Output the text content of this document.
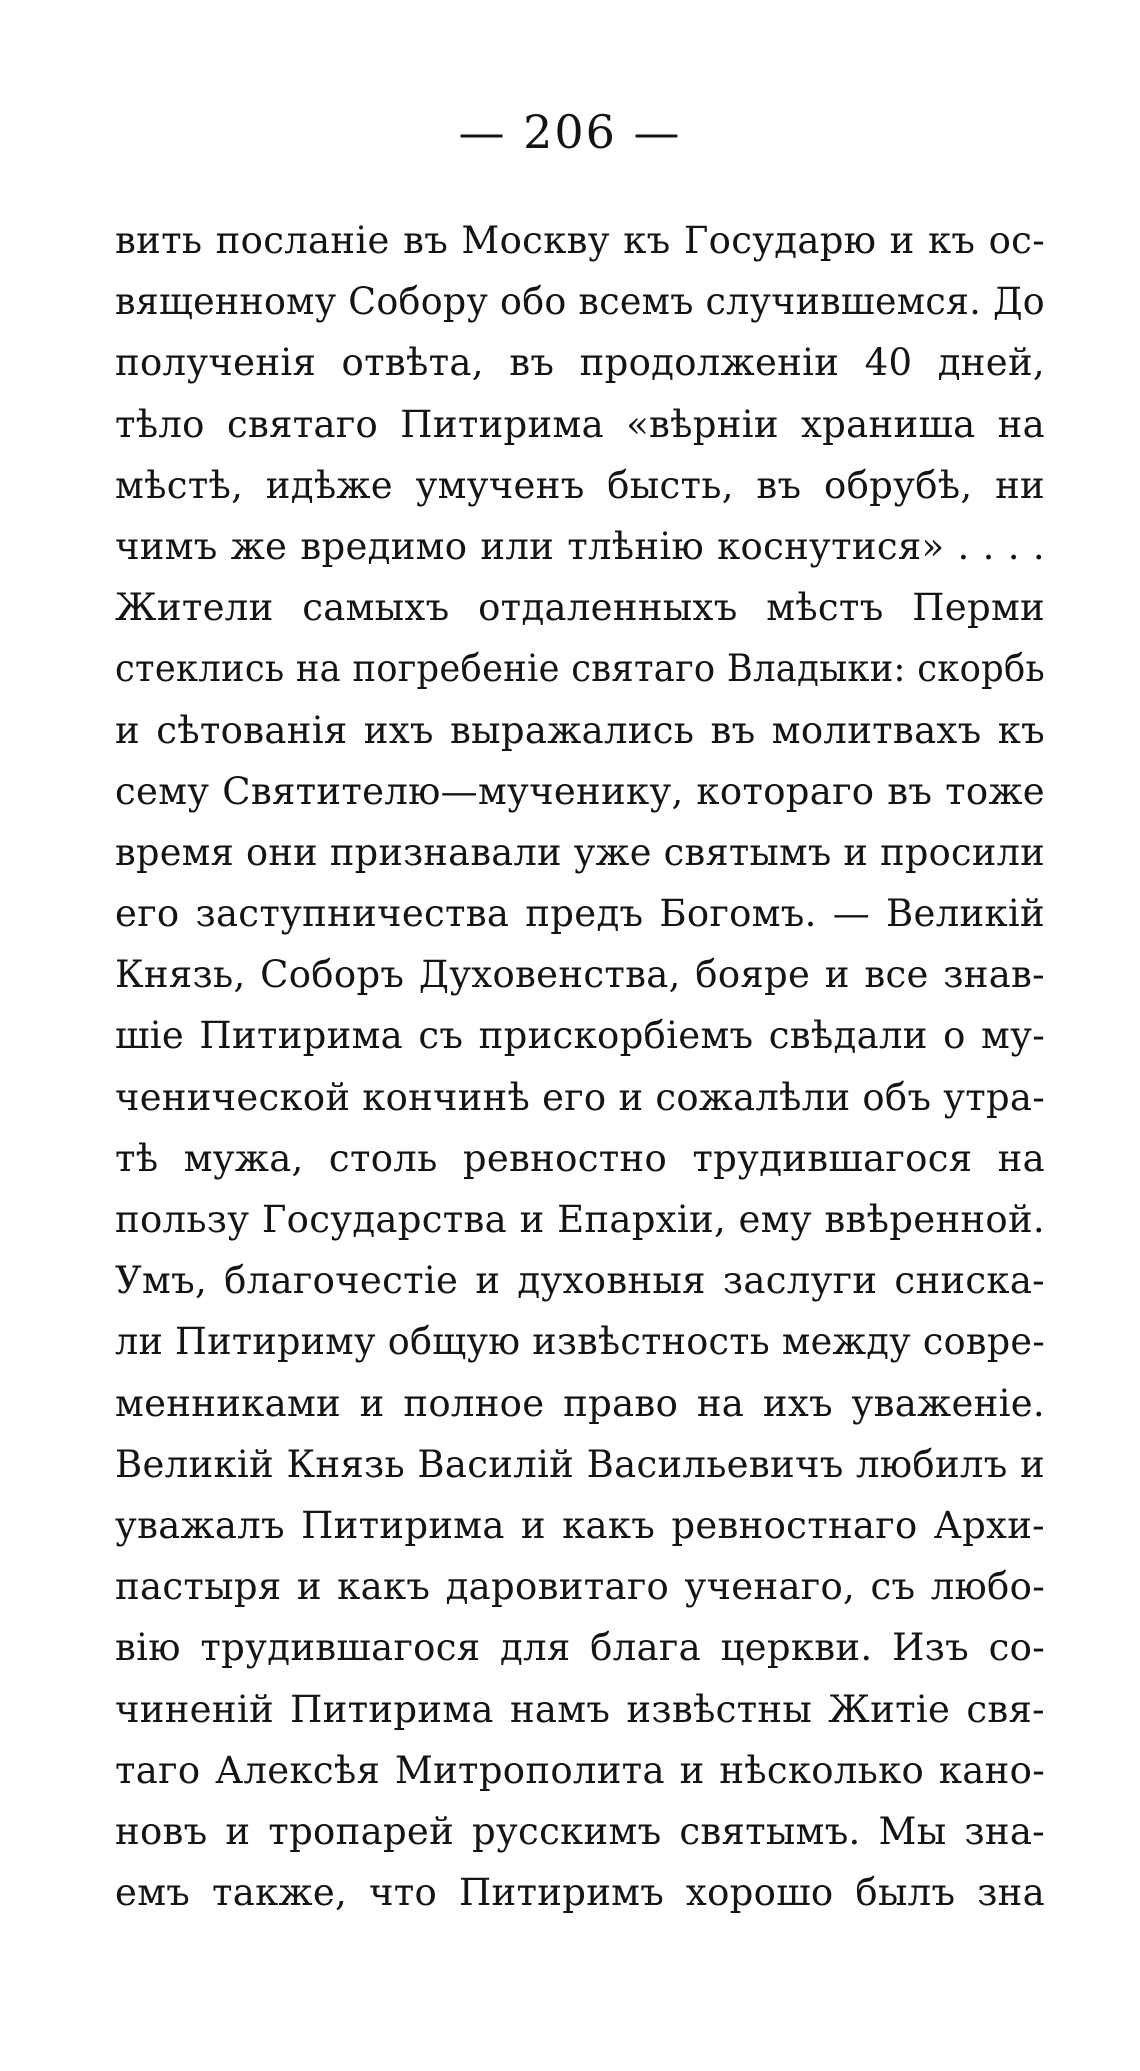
— 206 —
вить посланіе въ Москву къ Государю и къ ос-
вященному Собору обо всемъ случившемся. До
полученія отвѣта, въ продолженіи 40 дней,
тѣло святаго Питирима «вѣрніи храниша на
мѣстѣ, идѣже умученъ бысть, въ обрубѣ, ни
чимъ же вредимо или тлѣнію коснутися» . . . .
Жители самыхъ отдаленныхъ мѣстъ Перми
стеклись на погребеніе святаго Владыки: скорбь
и сѣтованія ихъ выражались въ молитвахъ къ
сему Святителю—мученику, котораго въ тоже
время они признавали уже святымъ и просили
его заступничества предъ Богомъ. — Великій
Князь, Соборъ Духовенства, бояре и все знав-
шіе Питирима съ прискорбіемъ свѣдали о му-
ченической кончинѣ его и сожалѣли объ утра-
тѣ мужа, столь ревностно трудившагося на
пользу Государства и Епархіи, ему ввѣренной.
Умъ, благочестіе и духовныя заслуги сниска-
ли Питириму общую извѣстность между совре-
менниками и полное право на ихъ уваженіе.
Великій Князь Василій Васильевичъ любилъ и
уважалъ Питирима и какъ ревностнаго Архи-
пастыря и какъ даровитаго ученаго, съ любо-
вію трудившагося для блага церкви. Изъ со-
чиненій Питирима намъ извѣстны Житіе свя-
таго Алексѣя Митрополита и нѣсколько кано-
новъ и тропарей русскимъ святымъ. Мы зна-
емъ также, что Питиримъ хорошо былъ зна
